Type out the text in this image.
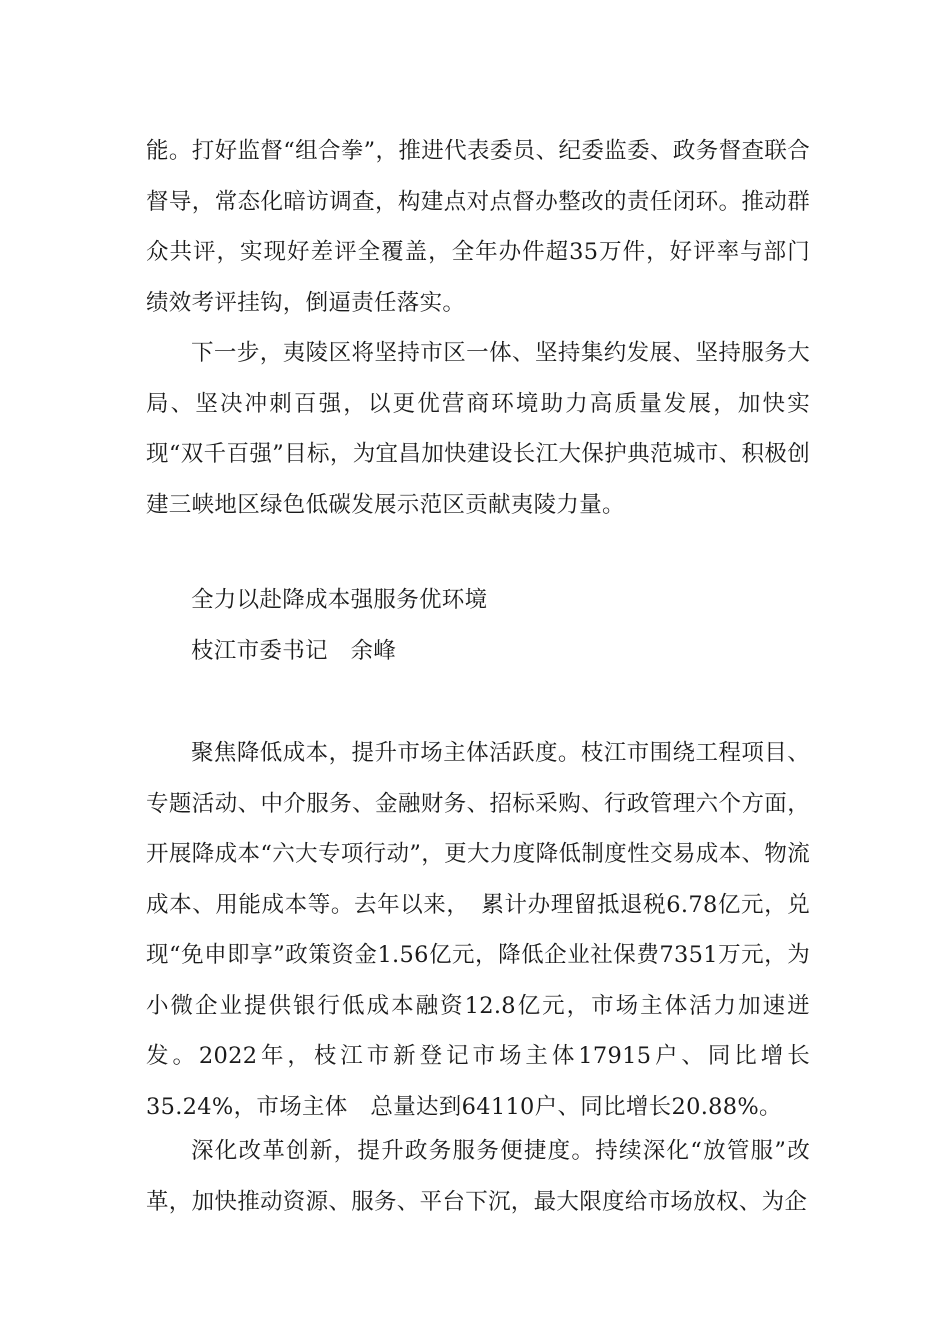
能。打好监督“组合拳”，推进代表委员、纪委监委、政务督查联合督导，常态化暗访调查，构建点对点督办整改的责任闭环。推动群众共评，实现好差评全覆盖，全年办件超35万件，好评率与部门绩效考评挂钩，倒逼责任落实。

下一步，夷陵区将坚持市区一体、坚持集约发展、坚持服务大局、坚决冲刺百强，以更优营商环境助力高质量发展，加快实现“双千百强”目标，为宜昌加快建设长江大保护典范城市、积极创建三峡地区绿色低碳发展示范区贡献夷陵力量。

全力以赴降成本强服务优环境

枝江市委书记　余峰

聚焦降低成本，提升市场主体活跃度。枝江市围绕工程项目、专题活动、中介服务、金融财务、招标采购、行政管理六个方面，开展降成本“六大专项行动”，更大力度降低制度性交易成本、物流成本、用能成本等。去年以来，　累计办理留抵退税6.78亿元，兑现“免申即享”政策资金1.56亿元，降低企业社保费7351万元，为小微企业提供银行低成本融资12.8亿元，市场主体活力加速迸发。2022年，枝江市新登记市场主体17915户、同比增长35.24%，市场主体　总量达到64110户、同比增长20.88%。

深化改革创新，提升政务服务便捷度。持续深化“放管服”改革，加快推动资源、服务、平台下沉，最大限度给市场放权、为企
